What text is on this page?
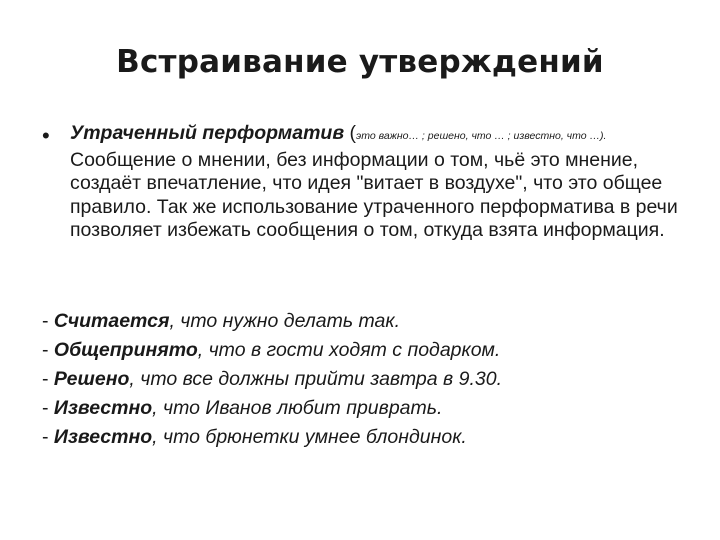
Встраивание утверждений
• Утраченный перформатив (это важно… ; решено, что … ; известно, что …). Сообщение о мнении, без информации о том, чьё это мнение, создаёт впечатление, что идея "витает в воздухе", что это общее правило. Так же использование утраченного перформатива в речи позволяет избежать сообщения о том, откуда взята информация.
- Считается, что нужно делать так.
- Общепринято, что в гости ходят с подарком.
- Решено, что все должны прийти завтра в 9.30.
- Известно, что Иванов любит приврать.
- Известно, что брюнетки умнее блондинок.
